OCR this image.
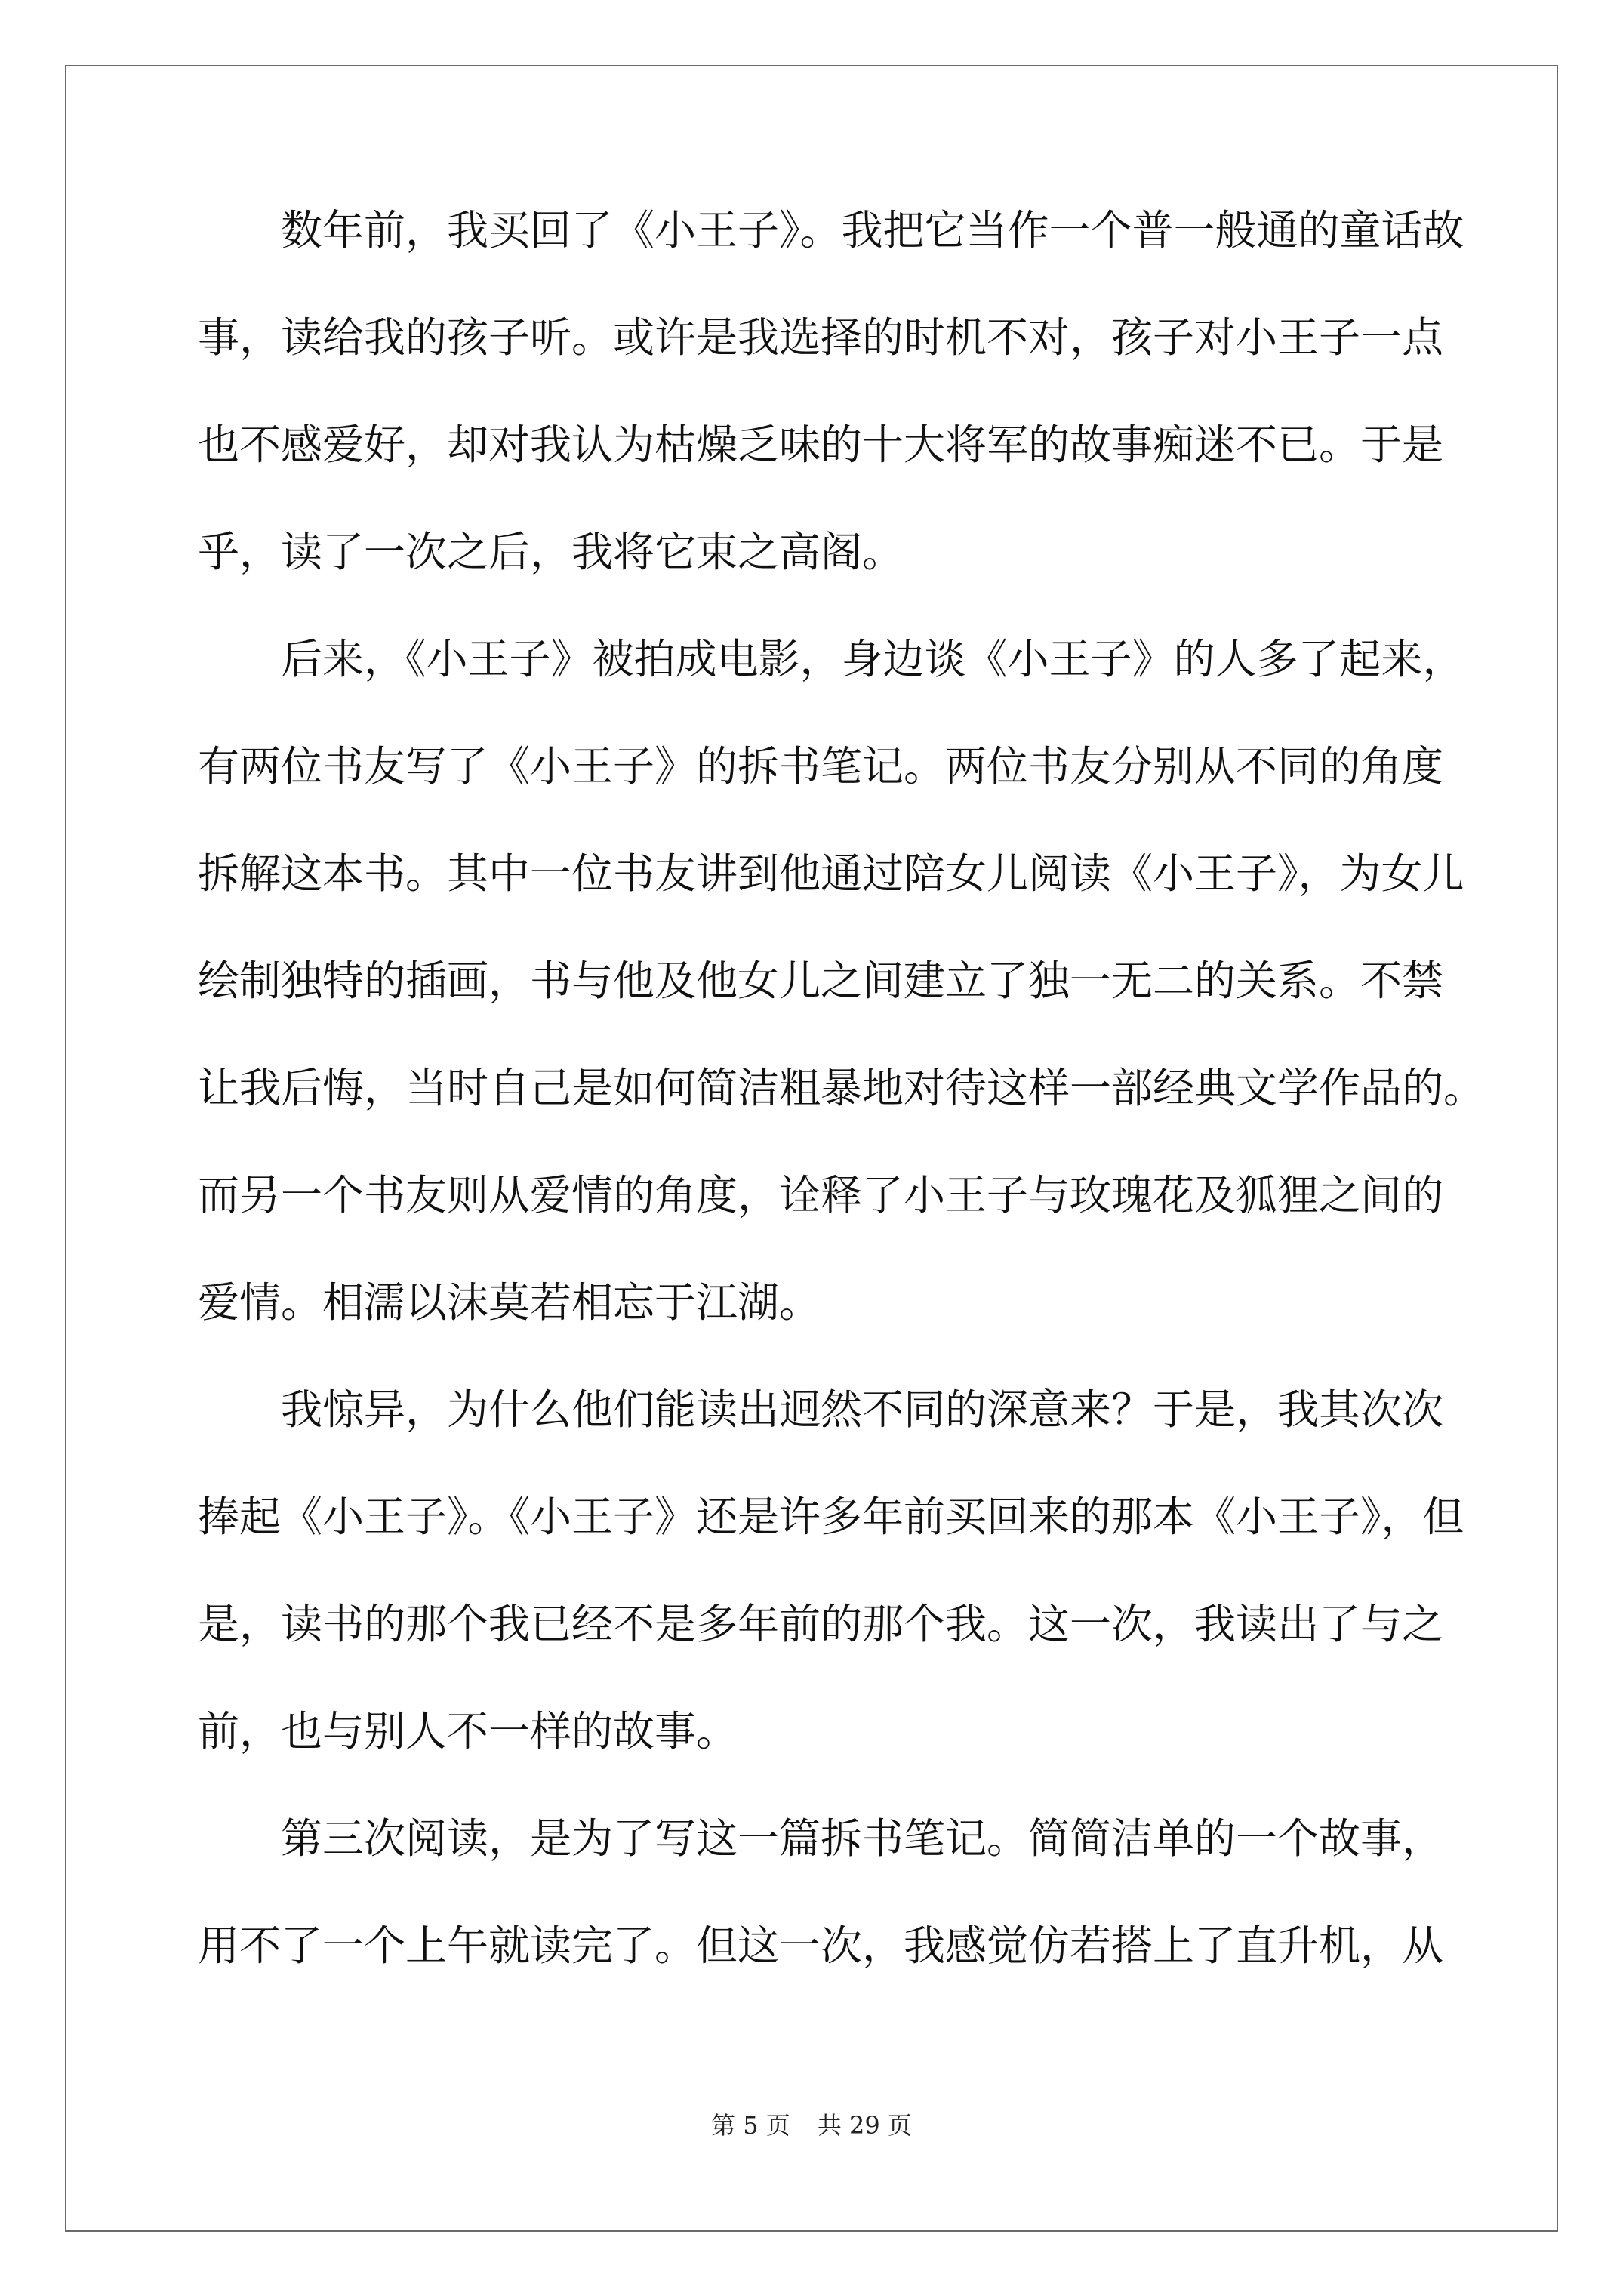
数年前，我买回了《小王子》。我把它当作一个普一般通的童话故
事，读给我的孩子听。或许是我选择的时机不对，孩子对小王子一点
也不感爱好，却对我认为枯燥乏味的十大将军的故事痴迷不已。于是
乎，读了一次之后，我将它束之高阁。
后来，《小王子》被拍成电影，身边谈《小王子》的人多了起来，
有两位书友写了《小王子》的拆书笔记。两位书友分别从不同的角度
拆解这本书。其中一位书友讲到他通过陪女儿阅读《小王子》，为女儿
绘制独特的插画，书与他及他女儿之间建立了独一无二的关系。不禁
让我后悔，当时自己是如何简洁粗暴地对待这样一部经典文学作品的。
而另一个书友则从爱情的角度，诠释了小王子与玫瑰花及狐狸之间的
爱情。相濡以沫莫若相忘于江湖。
我惊异，为什么他们能读出迥然不同的深意来？于是，我其次次
捧起《小王子》。《小王子》还是许多年前买回来的那本《小王子》，但
是，读书的那个我已经不是多年前的那个我。这一次，我读出了与之
前，也与别人不一样的故事。
第三次阅读，是为了写这一篇拆书笔记。简简洁单的一个故事，
用不了一个上午就读完了。但这一次，我感觉仿若搭上了直升机，从
第 5 页 共 29 页
